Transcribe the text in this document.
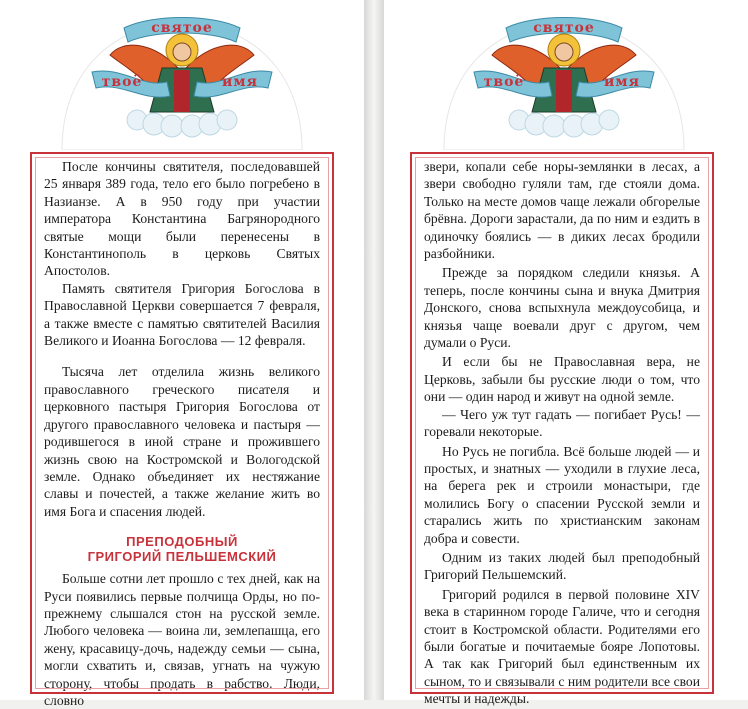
святое
твоё	имя

После кончины святителя, последовавшей 25 января 389 года, тело его было погребено в Назианзе. А в 950 году при участии императора Константина Багрянородного святые мощи были перенесены в Константинополь в церковь Святых Апостолов.

Память святителя Григория Богослова в Православной Церкви совершается 7 февраля, а также вместе с памятью святителей Василия Великого и Иоанна Богослова — 12 февраля.

Тысяча лет отделила жизнь великого православного греческого писателя и церковного пастыря Григория Богослова от другого православного человека и пастыря — родившегося в иной стране и прожившего жизнь свою на Костромской и Вологодской земле. Однако объединяет их нестяжание славы и почестей, а также желание жить во имя Бога и спасения людей.

ПРЕПОДОБНЫЙ
ГРИГОРИЙ ПЕЛЬШЕМСКИЙ

Больше сотни лет прошло с тех дней, как на Руси появились первые полчища Орды, но по-прежнему слышался стон на русской земле. Любого человека — воина ли, землепашца, его жену, красавицу-дочь, надежду семьи — сына, могли схватить и, связав, угнать на чужую сторону, чтобы продать в рабство. Люди, словно

святое
твоё	имя

звери, копали себе норы-землянки в лесах, а звери свободно гуляли там, где стояли дома. Только на месте домов чаще лежали обгорелые брёвна. Дороги зарастали, да по ним и ездить в одиночку боялись — в диких лесах бродили разбойники.

Прежде за порядком следили князья. А теперь, после кончины сына и внука Дмитрия Донского, снова вспыхнула междоусобица, и князья чаще воевали друг с другом, чем думали о Руси.

И если бы не Православная вера, не Церковь, забыли бы русские люди о том, что они — один народ и живут на одной земле.

— Чего уж тут гадать — погибает Русь! — горевали некоторые.

Но Русь не погибла. Всё больше людей — и простых, и знатных — уходили в глухие леса, на берега рек и строили монастыри, где молились Богу о спасении Русской земли и старались жить по христианским законам добра и совести.

Одним из таких людей был преподобный Григорий Пельшемский.

Григорий родился в первой половине XIV века в старинном городе Галиче, что и сегодня стоит в Костромской области. Родителями его были богатые и почитаемые бояре Лопотовы. А так как Григорий был единственным их сыном, то и связывали с ним родители все свои мечты и надежды.
